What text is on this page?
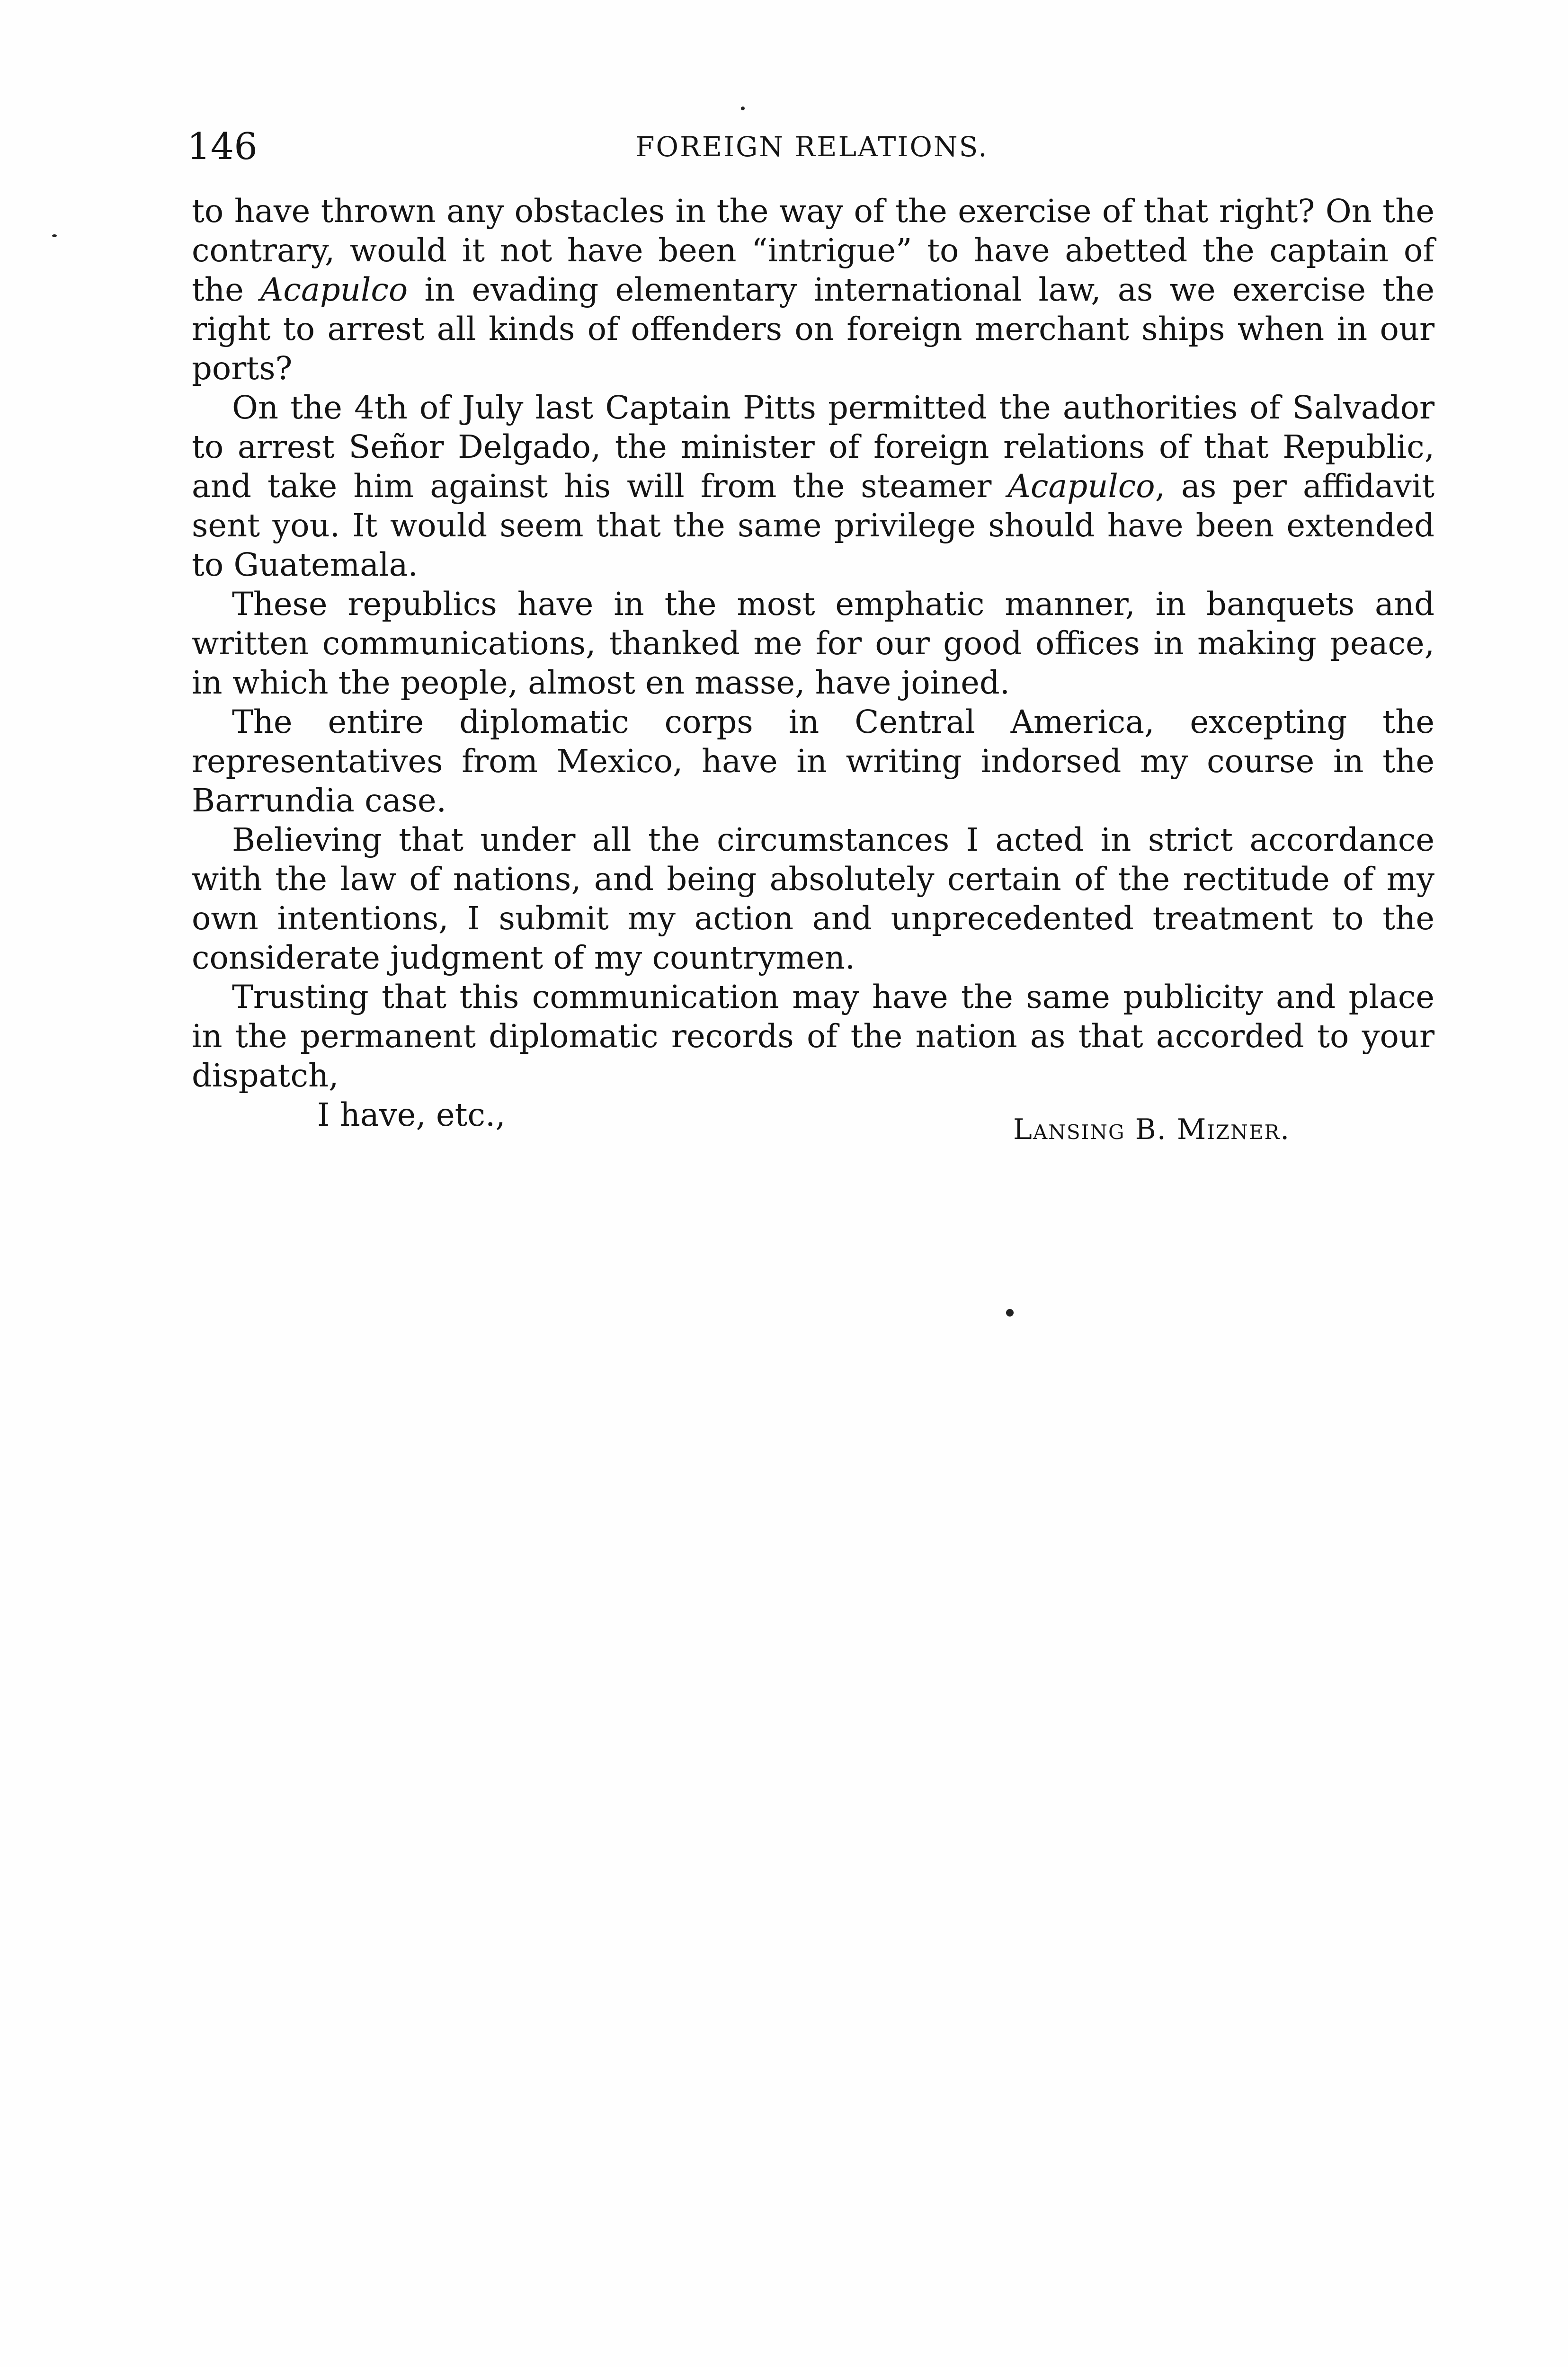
146	FOREIGN RELATIONS.

to have thrown any obstacles in the way of the exercise of that right? On the contrary, would it not have been “intrigue” to have abetted the captain of the Acapulco in evading elementary international law, as we exercise the right to arrest all kinds of offenders on foreign merchant ships when in our ports?

On the 4th of July last Captain Pitts permitted the authorities of Salvador to arrest Señor Delgado, the minister of foreign relations of that Republic, and take him against his will from the steamer Acapulco, as per affidavit sent you. It would seem that the same privilege should have been extended to Guatemala.

These republics have in the most emphatic manner, in banquets and written communications, thanked me for our good offices in making peace, in which the people, almost en masse, have joined.

The entire diplomatic corps in Central America, excepting the representatives from Mexico, have in writing indorsed my course in the Barrundia case.

Believing that under all the circumstances I acted in strict accordance with the law of nations, and being absolutely certain of the rectitude of my own intentions, I submit my action and unprecedented treatment to the considerate judgment of my countrymen.

Trusting that this communication may have the same publicity and place in the permanent diplomatic records of the nation as that accorded to your dispatch,

I have, etc.,	Lansing B. Mizner.
